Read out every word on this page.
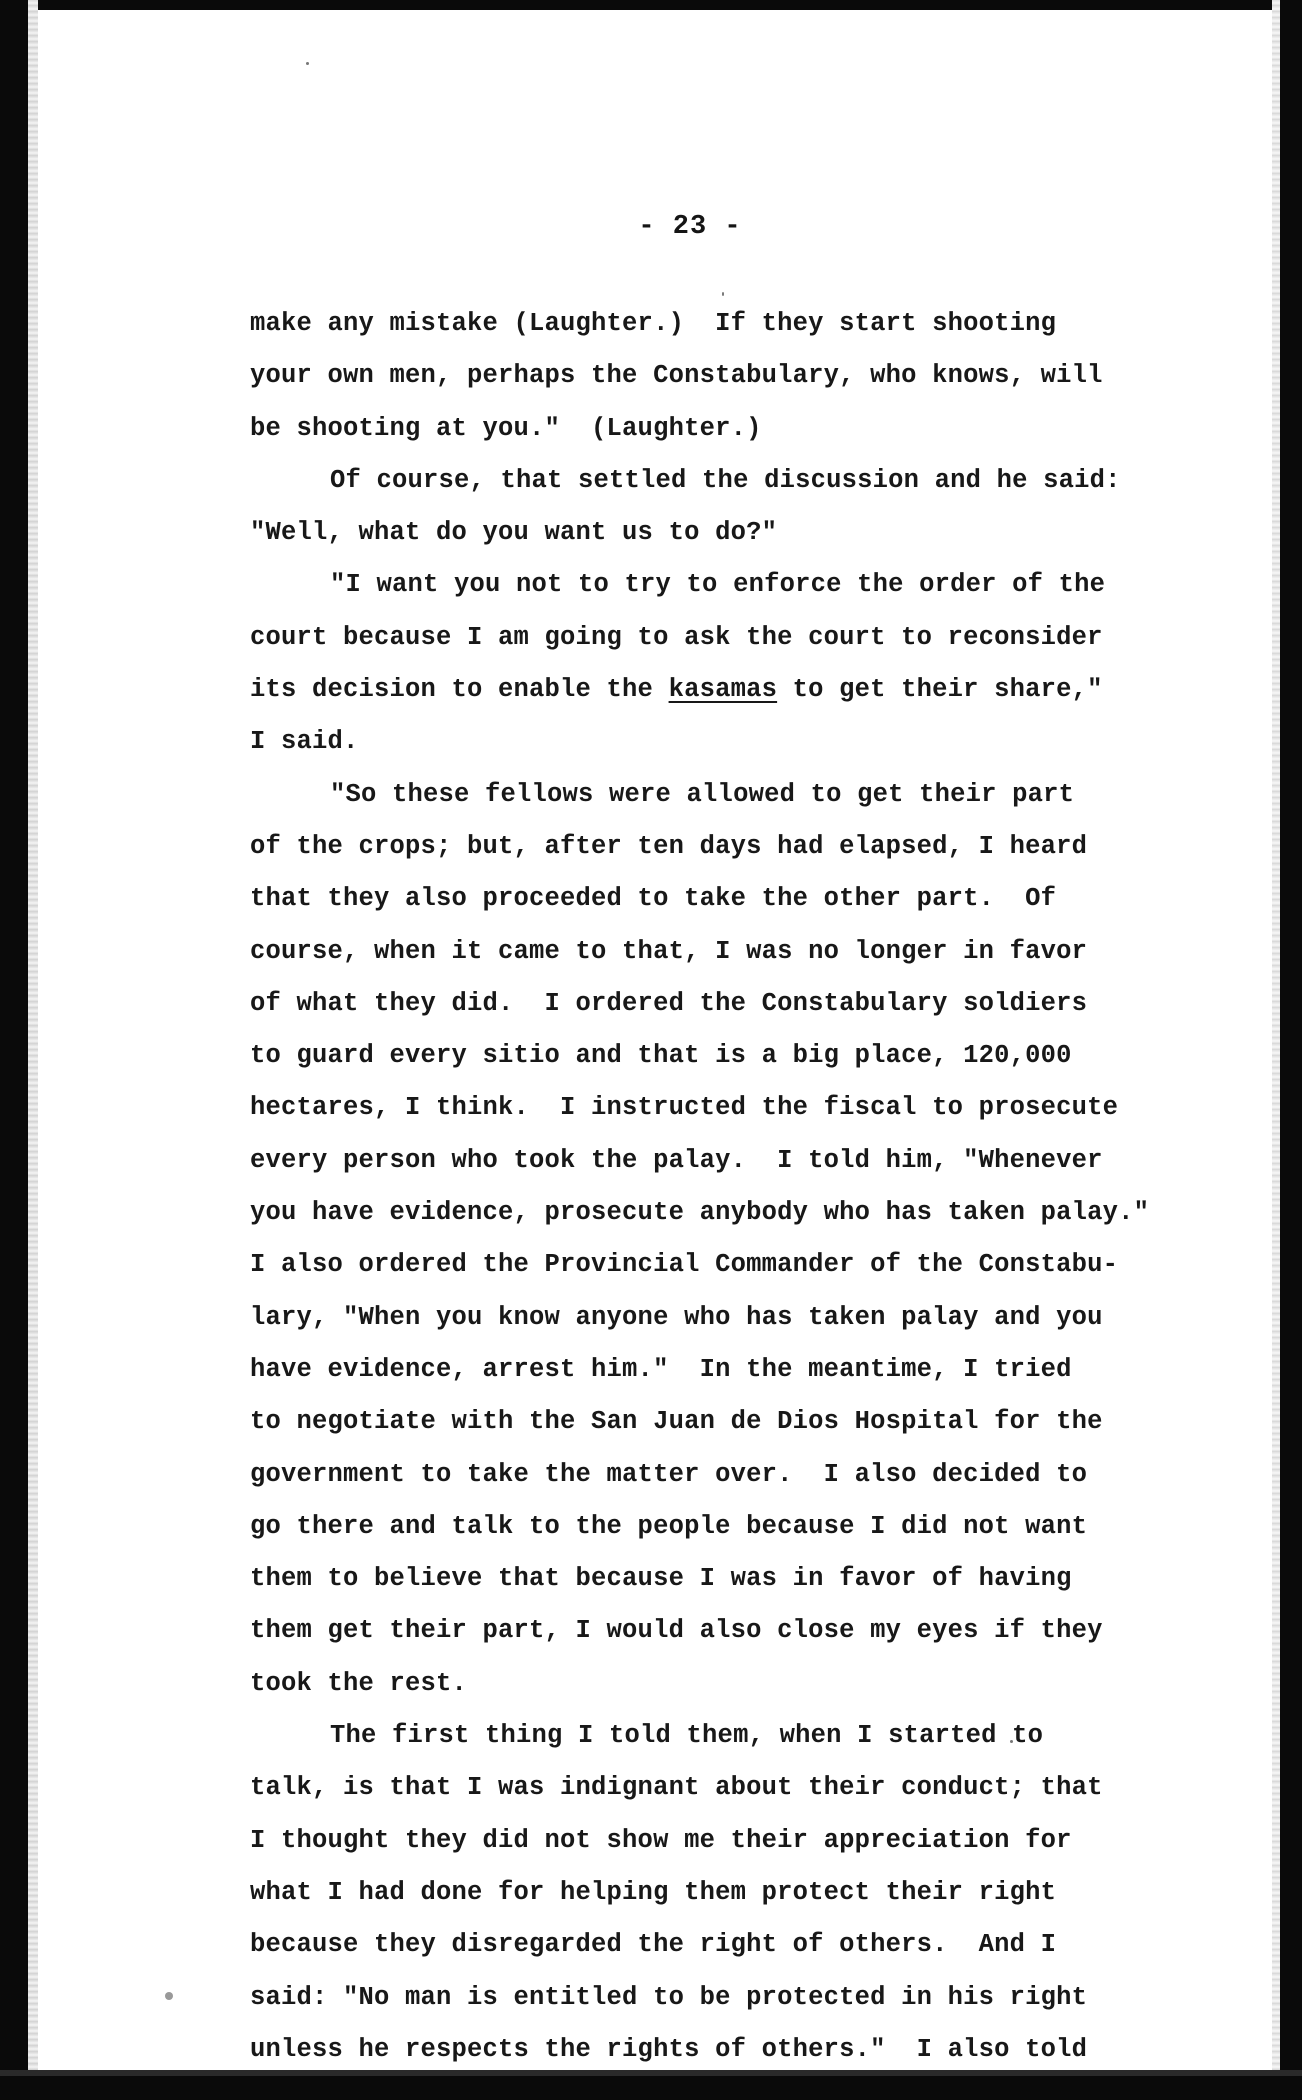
- 23 -
make any mistake (Laughter.)  If they start shooting
your own men, perhaps the Constabulary, who knows, will
be shooting at you."  (Laughter.)
Of course, that settled the discussion and he said:
"Well, what do you want us to do?"
"I want you not to try to enforce the order of the
court because I am going to ask the court to reconsider
its decision to enable the kasamas to get their share,"
I said.
"So these fellows were allowed to get their part
of the crops; but, after ten days had elapsed, I heard
that they also proceeded to take the other part.  Of
course, when it came to that, I was no longer in favor
of what they did.  I ordered the Constabulary soldiers
to guard every sitio and that is a big place, 120,000
hectares, I think.  I instructed the fiscal to prosecute
every person who took the palay.  I told him, "Whenever
you have evidence, prosecute anybody who has taken palay."
I also ordered the Provincial Commander of the Constabu-
lary, "When you know anyone who has taken palay and you
have evidence, arrest him."  In the meantime, I tried
to negotiate with the San Juan de Dios Hospital for the
government to take the matter over.  I also decided to
go there and talk to the people because I did not want
them to believe that because I was in favor of having
them get their part, I would also close my eyes if they
took the rest.
The first thing I told them, when I started to
talk, is that I was indignant about their conduct; that
I thought they did not show me their appreciation for
what I had done for helping them protect their right
because they disregarded the right of others.  And I
said: "No man is entitled to be protected in his right
unless he respects the rights of others."  I also told
